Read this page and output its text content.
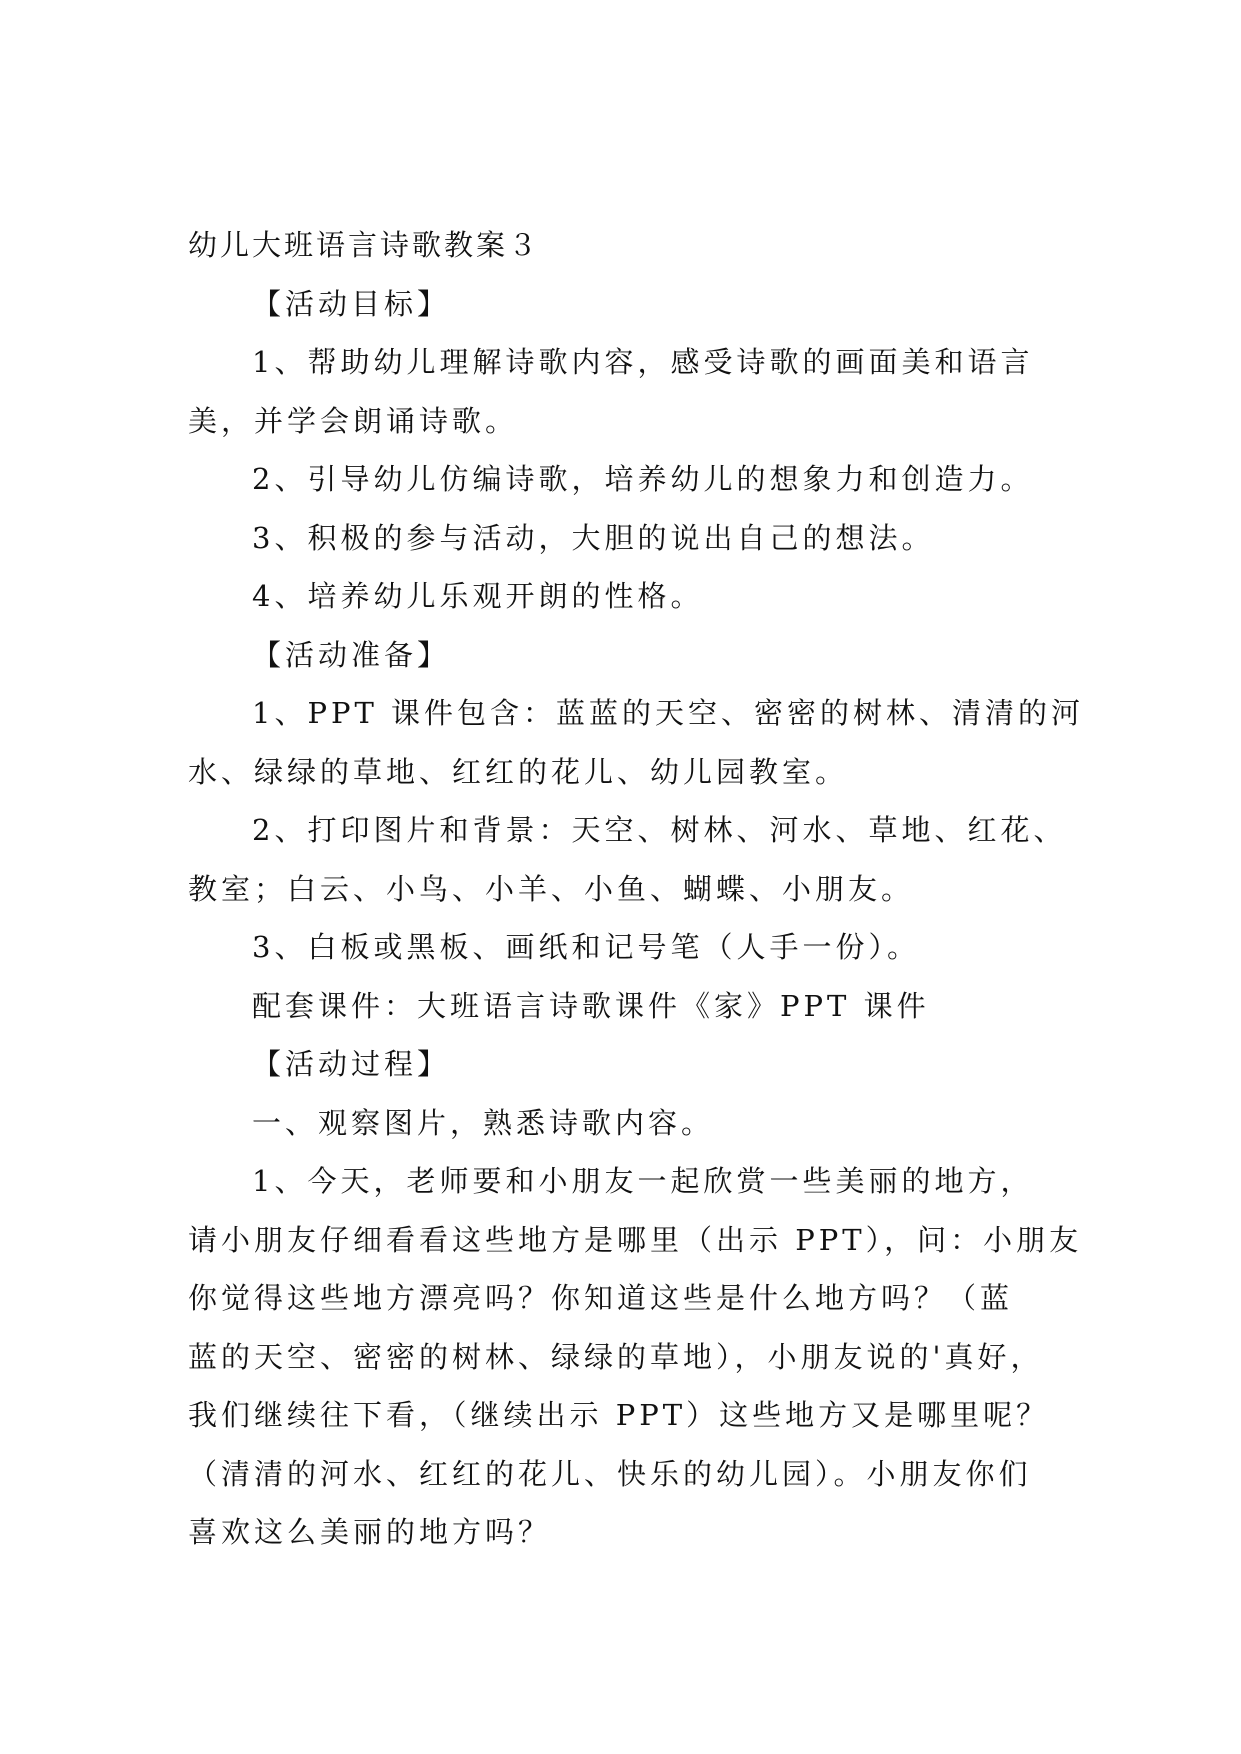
幼儿大班语言诗歌教案３
【活动目标】
1、帮助幼儿理解诗歌内容，感受诗歌的画面美和语言
美，并学会朗诵诗歌。
2、引导幼儿仿编诗歌，培养幼儿的想象力和创造力。
3、积极的参与活动，大胆的说出自己的想法。
4、培养幼儿乐观开朗的性格。
【活动准备】
1、PPT 课件包含：蓝蓝的天空、密密的树林、清清的河
水、绿绿的草地、红红的花儿、幼儿园教室。
2、打印图片和背景：天空、树林、河水、草地、红花、
教室；白云、小鸟、小羊、小鱼、蝴蝶、小朋友。
3、白板或黑板、画纸和记号笔（人手一份）。
配套课件：大班语言诗歌课件《家》PPT 课件
【活动过程】
一、观察图片，熟悉诗歌内容。
1、今天，老师要和小朋友一起欣赏一些美丽的地方，
请小朋友仔细看看这些地方是哪里（出示 PPT），问：小朋友
你觉得这些地方漂亮吗？你知道这些是什么地方吗？（蓝
蓝的天空、密密的树林、绿绿的草地），小朋友说的'真好，
我们继续往下看，（继续出示 PPT）这些地方又是哪里呢？
（清清的河水、红红的花儿、快乐的幼儿园）。小朋友你们
喜欢这么美丽的地方吗？
